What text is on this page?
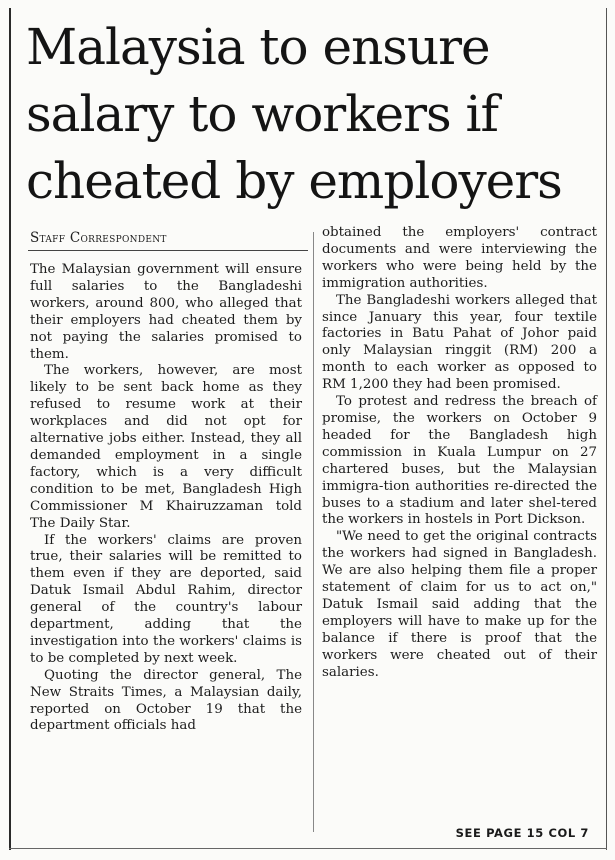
Malaysia to ensure
salary to workers if
cheated by employers
Staff Correspondent

The Malaysian government will ensure full salaries to the Bangladeshi workers, around 800, who alleged that their employers had cheated them by not paying the salaries promised to them.

The workers, however, are most likely to be sent back home as they refused to resume work at their workplaces and did not opt for alternative jobs either. Instead, they all demanded employment in a single factory, which is a very difficult condition to be met, Bangladesh High Commissioner M Khairuzzaman told The Daily Star.

If the workers' claims are proven true, their salaries will be remitted to them even if they are deported, said Datuk Ismail Abdul Rahim, director general of the country's labour department, adding that the investigation into the workers' claims is to be completed by next week.

Quoting the director general, The New Straits Times, a Malaysian daily, reported on October 19 that the department officials had

obtained the employers' contract documents and were interviewing the workers who were being held by the immigration authorities.

The Bangladeshi workers alleged that since January this year, four textile factories in Batu Pahat of Johor paid only Malaysian ringgit (RM) 200 a month to each worker as opposed to RM 1,200 they had been promised.

To protest and redress the breach of promise, the workers on October 9 headed for the Bangladesh high commission in Kuala Lumpur on 27 chartered buses, but the Malaysian immigra-tion authorities re-directed the buses to a stadium and later shel-tered the workers in hostels in Port Dickson.

"We need to get the original contracts the workers had signed in Bangladesh. We are also helping them file a proper statement of claim for us to act on," Datuk Ismail said adding that the employers will have to make up for the balance if there is proof that the workers were cheated out of their salaries.

SEE PAGE 15 COL 7
